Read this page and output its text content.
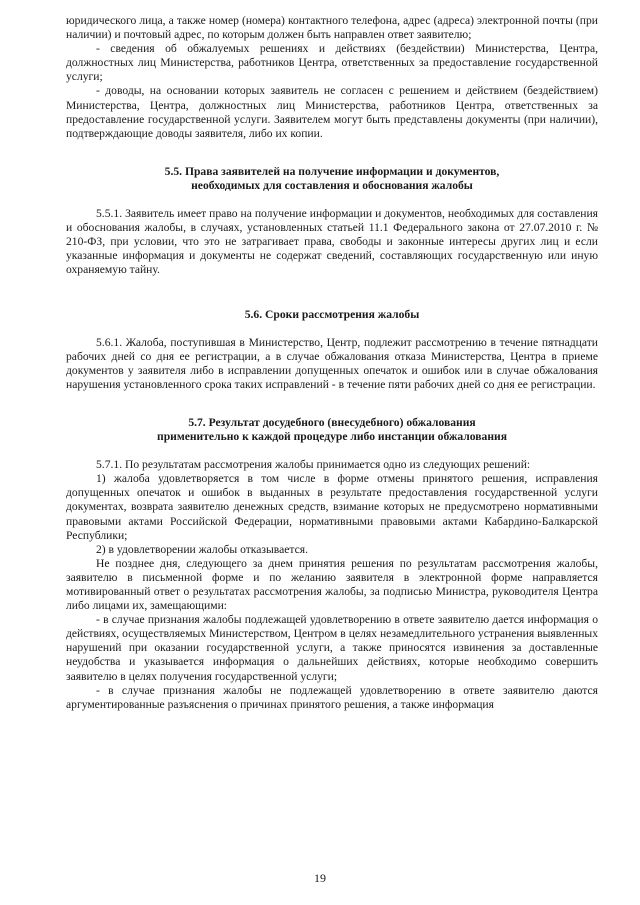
юридического лица, а также номер (номера) контактного телефона, адрес (адреса) электронной почты (при наличии) и почтовый адрес, по которым должен быть направлен ответ заявителю;

- сведения об обжалуемых решениях и действиях (бездействии) Министерства, Центра, должностных лиц Министерства, работников Центра, ответственных за предоставление государственной услуги;

- доводы, на основании которых заявитель не согласен с решением и действием (бездействием) Министерства, Центра, должностных лиц Министерства, работников Центра, ответственных за предоставление государственной услуги. Заявителем могут быть представлены документы (при наличии), подтверждающие доводы заявителя, либо их копии.

5.5. Права заявителей на получение информации и документов,
необходимых для составления и обоснования жалобы

5.5.1. Заявитель имеет право на получение информации и документов, необходимых для составления и обоснования жалобы, в случаях, установленных статьей 11.1 Федерального закона от 27.07.2010 г. № 210-ФЗ, при условии, что это не затрагивает права, свободы и законные интересы других лиц и если указанные информация и документы не содержат сведений, составляющих государственную или иную охраняемую тайну.

5.6. Сроки рассмотрения жалобы

5.6.1. Жалоба, поступившая в Министерство, Центр, подлежит рассмотрению в течение пятнадцати рабочих дней со дня ее регистрации, а в случае обжалования отказа Министерства, Центра в приеме документов у заявителя либо в исправлении допущенных опечаток и ошибок или в случае обжалования нарушения установленного срока таких исправлений - в течение пяти рабочих дней со дня ее регистрации.

5.7. Результат досудебного (внесудебного) обжалования
применительно к каждой процедуре либо инстанции обжалования

5.7.1. По результатам рассмотрения жалобы принимается одно из следующих решений:

1) жалоба удовлетворяется в том числе в форме отмены принятого решения, исправления допущенных опечаток и ошибок в выданных в результате предоставления государственной услуги документах, возврата заявителю денежных средств, взимание которых не предусмотрено нормативными правовыми актами Российской Федерации, нормативными правовыми актами Кабардино-Балкарской Республики;

2) в удовлетворении жалобы отказывается.

Не позднее дня, следующего за днем принятия решения по результатам рассмотрения жалобы, заявителю в письменной форме и по желанию заявителя в электронной форме направляется мотивированный ответ о результатах рассмотрения жалобы, за подписью Министра, руководителя Центра либо лицами их, замещающими:

- в случае признания жалобы подлежащей удовлетворению в ответе заявителю дается информация о действиях, осуществляемых Министерством, Центром в целях незамедлительного устранения выявленных нарушений при оказании государственной услуги, а также приносятся извинения за доставленные неудобства и указывается информация о дальнейших действиях, которые необходимо совершить заявителю в целях получения государственной услуги;

- в случае признания жалобы не подлежащей удовлетворению в ответе заявителю даются аргументированные разъяснения о причинах принятого решения, а также информация

19
